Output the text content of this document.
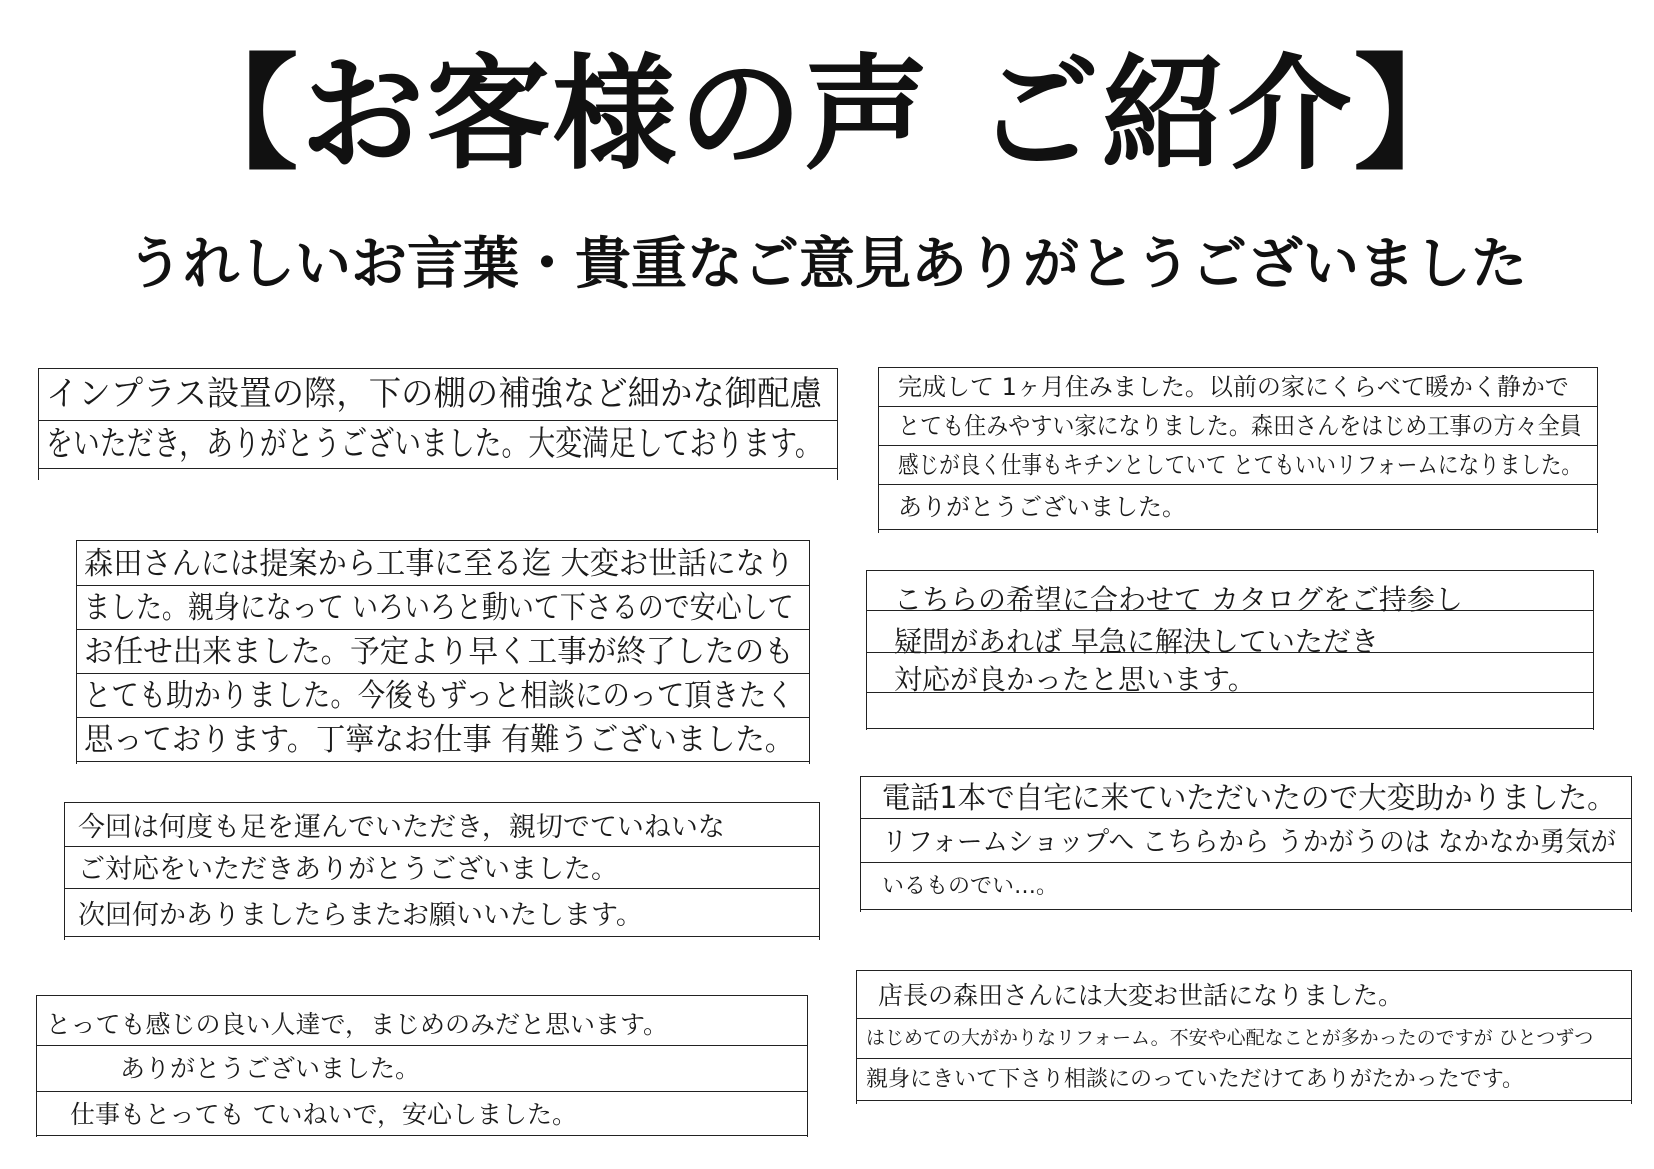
【お客様の声 ご紹介】
うれしいお言葉・貴重なご意見ありがとうございました
インプラス設置の際，下の棚の補強など細かな御配慮
をいただき，ありがとうございました。大変満足しております。
完成して 1ヶ月住みました。以前の家にくらべて暖かく静かで
とても住みやすい家になりました。森田さんをはじめ工事の方々全員
感じが良く仕事もキチンとしていて とてもいいリフォームになりました。
ありがとうございました。
森田さんには提案から工事に至る迄 大変お世話になり
ました。親身になって いろいろと動いて下さるので安心して
お任せ出来ました。予定より早く工事が終了したのも
とても助かりました。今後もずっと相談にのって頂きたく
思っております。丁寧なお仕事 有難うございました。
こちらの希望に合わせて カタログをご持参し
疑問があれば 早急に解決していただき
対応が良かったと思います。
今回は何度も足を運んでいただき，親切でていねいな
ご対応をいただきありがとうございました。
次回何かありましたらまたお願いいたします。
電話1本で自宅に来ていただいたので大変助かりました。
リフォームショップへ こちらから うかがうのは なかなか勇気が
いるものでい…。
とっても感じの良い人達で，まじめのみだと思います。
ありがとうございました。
仕事もとっても ていねいで，安心しました。
店長の森田さんには大変お世話になりました。
はじめての大がかりなリフォーム。不安や心配なことが多かったのですが ひとつずつ
親身にきいて下さり相談にのっていただけてありがたかったです。
